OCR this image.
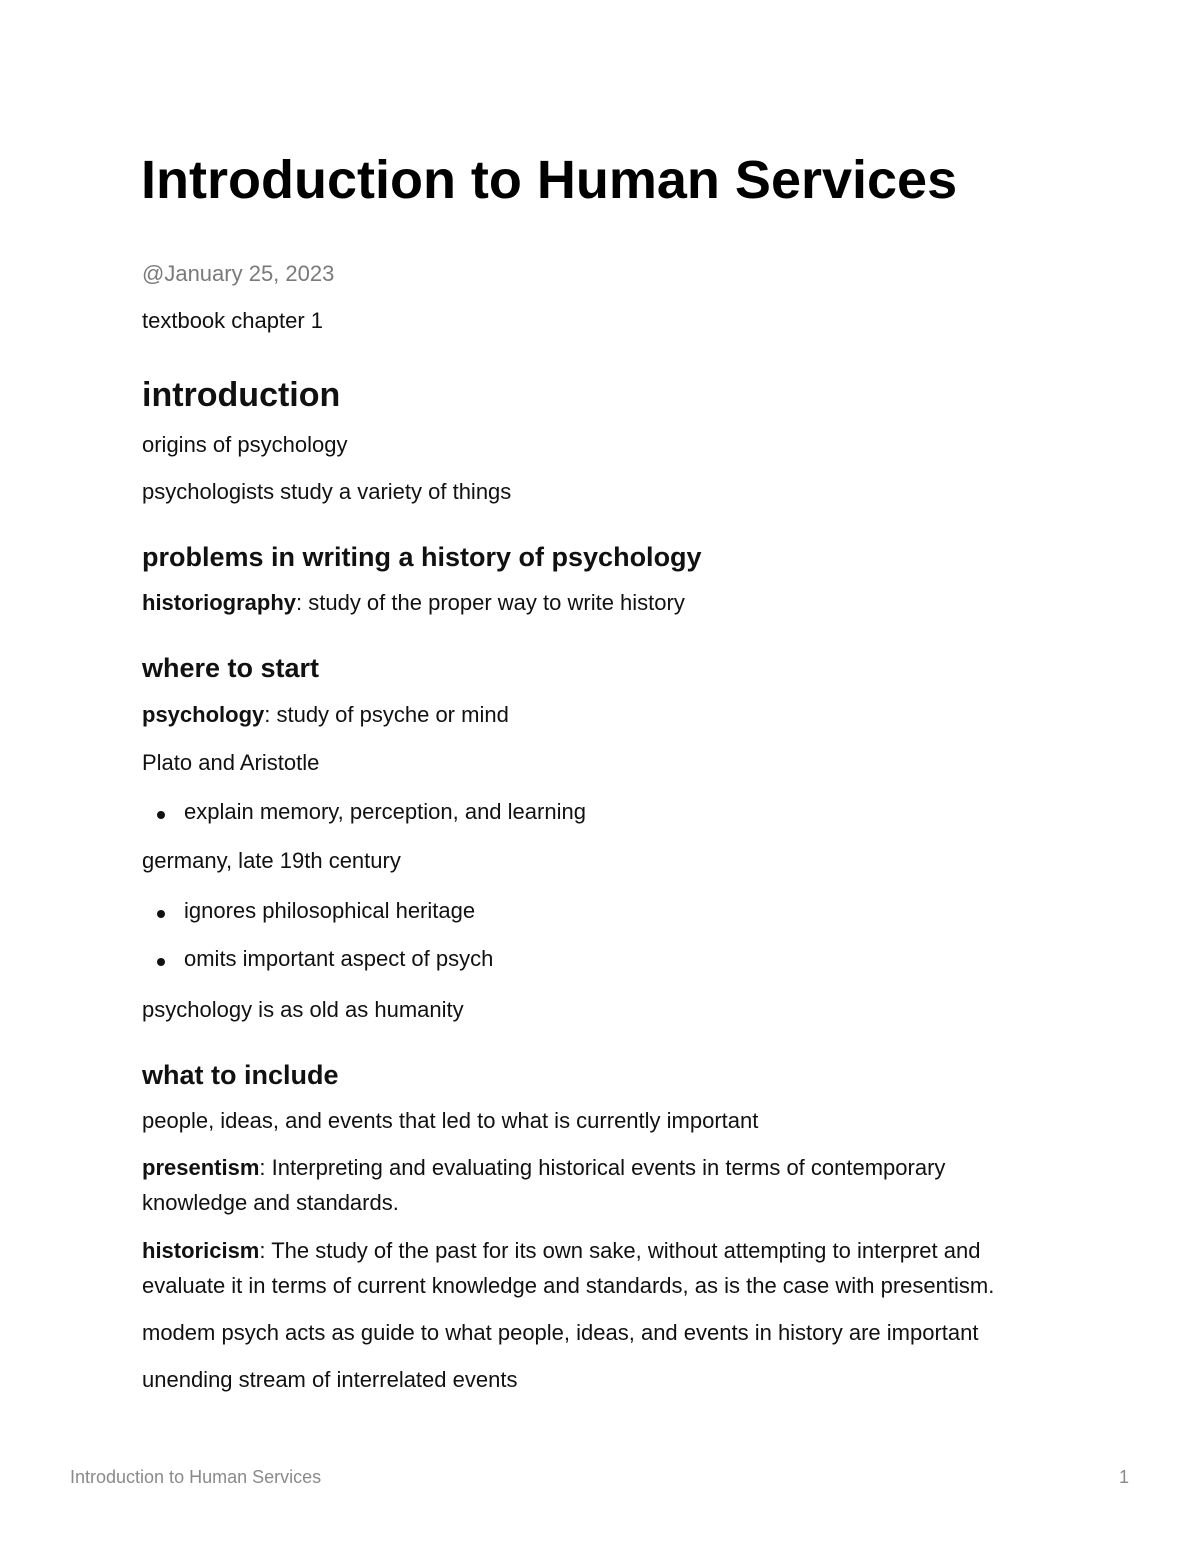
Introduction to Human Services
@January 25, 2023
textbook chapter 1
introduction
origins of psychology
psychologists study a variety of things
problems in writing a history of psychology
historiography: study of the proper way to write history
where to start
psychology: study of psyche or mind
Plato and Aristotle
explain memory, perception, and learning
germany, late 19th century
ignores philosophical heritage
omits important aspect of psych
psychology is as old as humanity
what to include
people, ideas, and events that led to what is currently important
presentism: Interpreting and evaluating historical events in terms of contemporary
knowledge and standards.
historicism: The study of the past for its own sake, without attempting to interpret and
evaluate it in terms of current knowledge and standards, as is the case with presentism.
modem psych acts as guide to what people, ideas, and events in history are important
unending stream of interrelated events
Introduction to Human Services	1
